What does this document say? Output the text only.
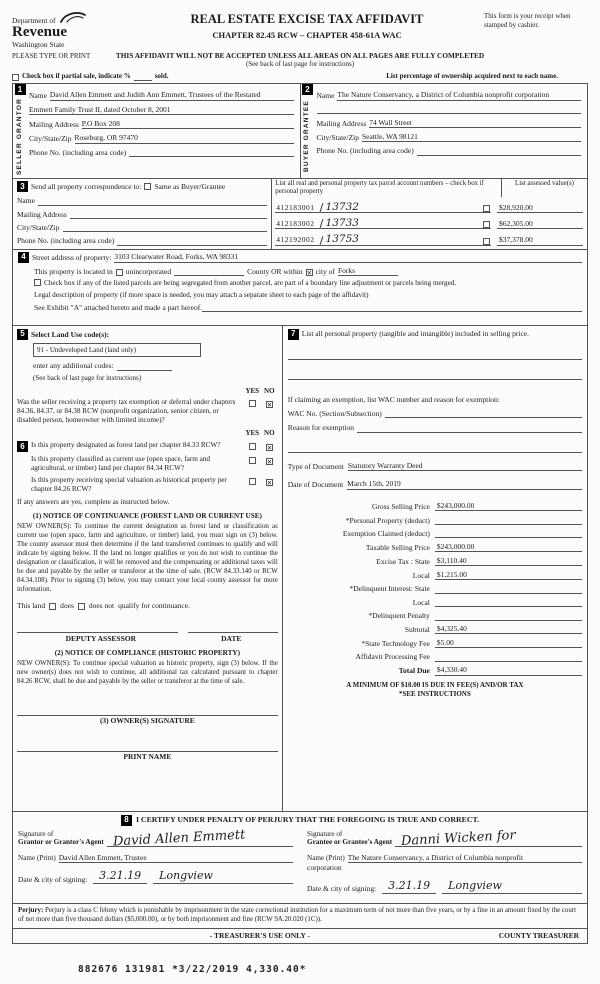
Department of
Revenue
Washington State
REAL ESTATE EXCISE TAX AFFIDAVIT
CHAPTER 82.45 RCW – CHAPTER 458-61A WAC
This form is your receipt when stamped by cashier.
PLEASE TYPE OR PRINT	THIS AFFIDAVIT WILL NOT BE ACCEPTED UNLESS ALL AREAS ON ALL PAGES ARE FULLY COMPLETED
(See back of last page for instructions)
Check box if partial sale, indicate %	sold.	List percentage of ownership acquired next to each name.
1
SELLER GRANTOR
Name David Allen Emmett and Judith Ann Emmett, Trustees of the Restated
Emmett Family Trust II, dated October 8, 2001
Mailing Address P.O Box 208
City/State/Zip Roseburg, OR 97470
Phone No. (including area code)
2
BUYER GRANTEE
Name The Nature Conservancy, a District of Columbia nonprofit corporation
Mailing Address 74 Wall Street
City/State/Zip Seattle, WA 98121
Phone No. (including area code)
3 Send all property correspondence to: Same as Buyer/Grantee
Name
Mailing Address
City/State/Zip
Phone No. (including area code)
List all real and personal property tax parcel account numbers – check box if personal property
List assessed value(s)
412183001 13732	$28,920.00
412183002 13733	$62,305.00
412192002 13753	$37,378.00
4 Street address of property: 3103 Clearwater Road, Forks, WA 98331
This property is located in unincorporated	County OR within ✕ city of Forks
Check box if any of the listed parcels are being segregated from another parcel, are part of a boundary line adjustment or parcels being merged.
Legal description of property (if more space is needed, you may attach a separate sheet to each page of the affidavit)
See Exhibit "A" attached hereto and made a part hereof.
5 Select Land Use code(s):
91 - Undeveloped Land (land only)
enter any additional codes:
(See back of last page for instructions)
YES NO
Was the seller receiving a property tax exemption or deferral under chapters 84.36, 84.37, or 84.38 RCW (nonprofit organization, senior citizen, or disabled person, homeowner with limited income)?
✕
YES NO
6 Is this property designated as forest land per chapter 84.33 RCW?	✕
Is this property classified as current use (open space, farm and agricultural, or timber) land per chapter 84.34 RCW?
✕
Is this property receiving special valuation as historical property per chapter 84.26 RCW?
✕
If any answers are yes, complete as instructed below.
(1) NOTICE OF CONTINUANCE (FOREST LAND OR CURRENT USE)
NEW OWNER(S): To continue the current designation as forest land or classification as current use (open space, farm and agriculture, or timber) land, you must sign on (3) below. The county assessor must then determine if the land transferred continues to qualify and will indicate by signing below. If the land no longer qualifies or you do not wish to continue the designation or classification, it will be removed and the compensating or additional taxes will be due and payable by the seller or transferor at the time of sale. (RCW 84.33.140 or RCW 84.34.108). Prior to signing (3) below, you may contact your local county assessor for more information.
This land does does not qualify for continuance.
DEPUTY ASSESSOR	DATE
(2) NOTICE OF COMPLIANCE (HISTORIC PROPERTY)
NEW OWNER(S): To continue special valuation as historic property, sign (3) below. If the new owner(s) does not wish to continue, all additional tax calculated pursuant to chapter 84.26 RCW, shall be due and payable by the seller or transferor at the time of sale.
(3) OWNER(S) SIGNATURE
PRINT NAME
7 List all personal property (tangible and intangible) included in selling price.
If claiming an exemption, list WAC number and reason for exemption:
WAC No. (Section/Subsection)
Reason for exemption
Type of Document Statutory Warranty Deed
Date of Document March 15th, 2019
Gross Selling Price $243,000.00
*Personal Property (deduct)
Exemption Claimed (deduct)
Taxable Selling Price $243,000.00
Excise Tax : State $3,110.40
Local $1,215.00
*Delinquent Interest: State
Local
*Delinquent Penalty
Subtotal $4,325.40
*State Technology Fee $5.00
Affidavit Processing Fee
Total Due $4,330.40
A MINIMUM OF $10.00 IS DUE IN FEE(S) AND/OR TAX
*SEE INSTRUCTIONS
8 I CERTIFY UNDER PENALTY OF PERJURY THAT THE FOREGOING IS TRUE AND CORRECT.
Signature of
Grantor or Grantor's Agent David Allen Emmett
Name (Print) David Allen Emmett, Trustee
Date & city of signing:	3.21.19	Longview
Signature of
Grantee or Grantee's Agent Danni Wicken for
Name (Print) The Nature Conservancy, a District of Columbia nonprofit
corporation
Date & city of signing:	3.21.19	Longview
Perjury: Perjury is a class C felony which is punishable by imprisonment in the state correctional institution for a maximum term of not more than five years, or by a fine in an amount fixed by the court of not more than five thousand dollars ($5,000.00), or by both imprisonment and fine (RCW 9A.20.020 (1C)).
- TREASURER'S USE ONLY -	COUNTY TREASURER
882676 131981 *3/22/2019 4,330.40*
